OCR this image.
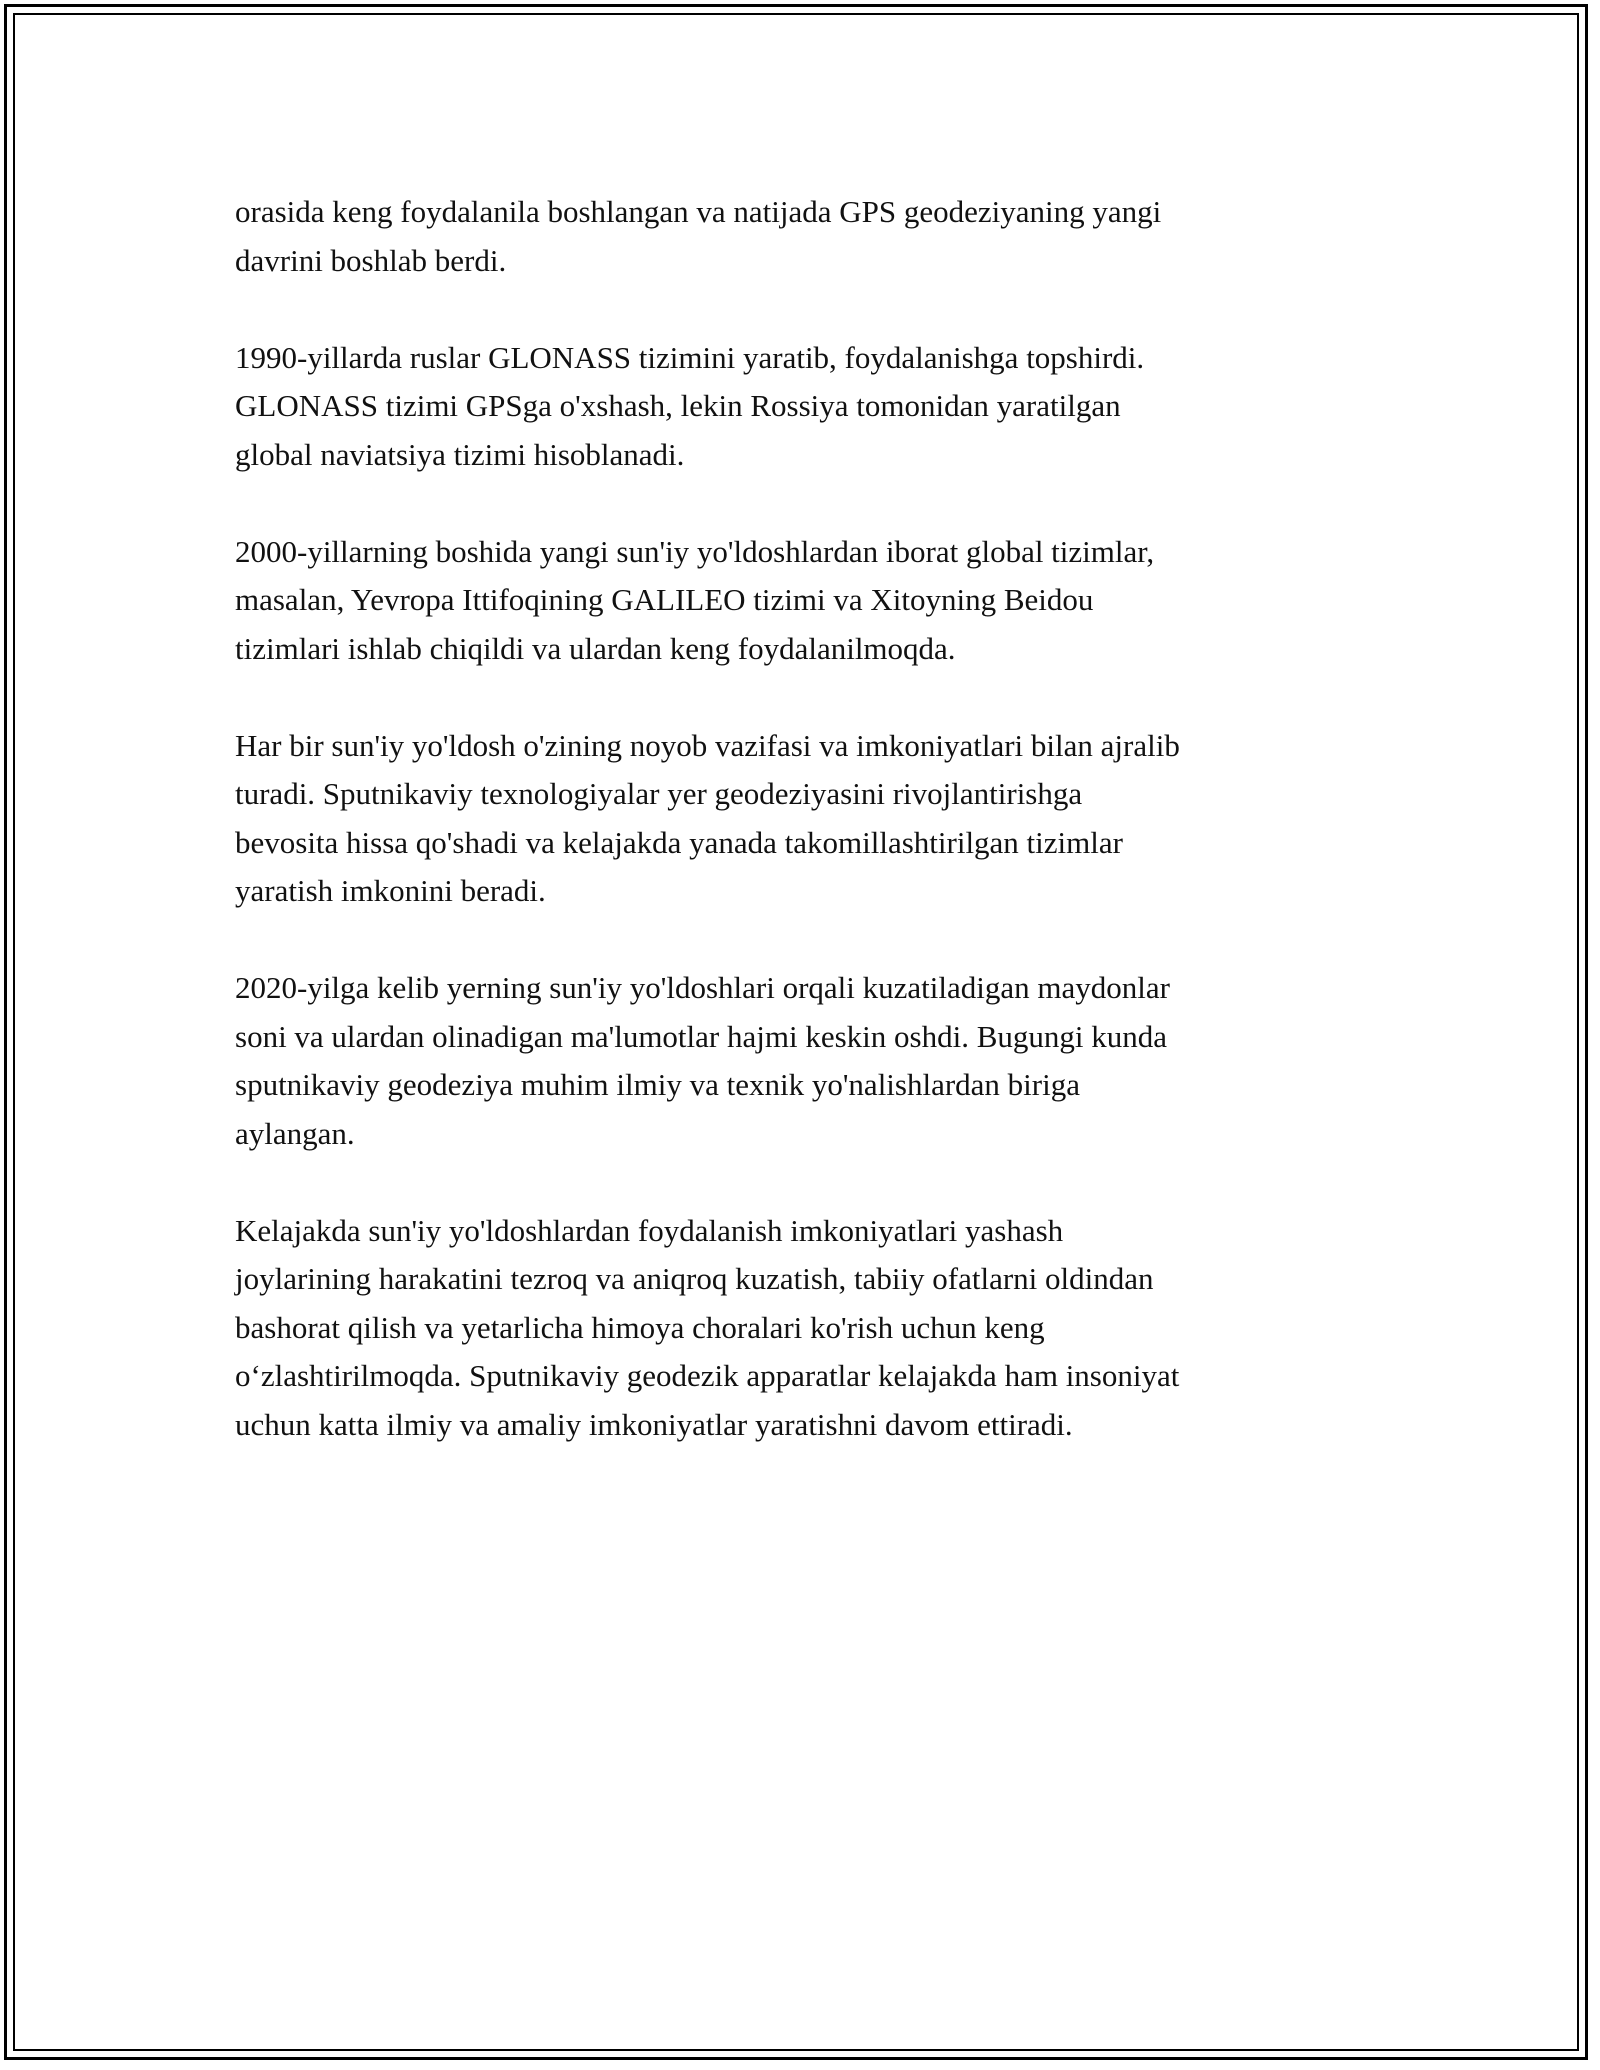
orasida keng foydalanila boshlangan va natijada GPS geodeziyaning yangi
davrini boshlab berdi.

1990-yillarda ruslar GLONASS tizimini yaratib, foydalanishga topshirdi.
GLONASS tizimi GPSga o'xshash, lekin Rossiya tomonidan yaratilgan
global naviatsiya tizimi hisoblanadi.

2000-yillarning boshida yangi sun'iy yo'ldoshlardan iborat global tizimlar,
masalan, Yevropa Ittifoqining GALILEO tizimi va Xitoyning Beidou
tizimlari ishlab chiqildi va ulardan keng foydalanilmoqda.

Har bir sun'iy yo'ldosh o'zining noyob vazifasi va imkoniyatlari bilan ajralib
turadi. Sputnikaviy texnologiyalar yer geodeziyasini rivojlantirishga
bevosita hissa qo'shadi va kelajakda yanada takomillashtirilgan tizimlar
yaratish imkonini beradi.

2020-yilga kelib yerning sun'iy yo'ldoshlari orqali kuzatiladigan maydonlar
soni va ulardan olinadigan ma'lumotlar hajmi keskin oshdi. Bugungi kunda
sputnikaviy geodeziya muhim ilmiy va texnik yo'nalishlardan biriga
aylangan.

Kelajakda sun'iy yo'ldoshlardan foydalanish imkoniyatlari yashash
joylarining harakatini tezroq va aniqroq kuzatish, tabiiy ofatlarni oldindan
bashorat qilish va yetarlicha himoya choralari ko'rish uchun keng
o‘zlashtirilmoqda. Sputnikaviy geodezik apparatlar kelajakda ham insoniyat
uchun katta ilmiy va amaliy imkoniyatlar yaratishni davom ettiradi.
